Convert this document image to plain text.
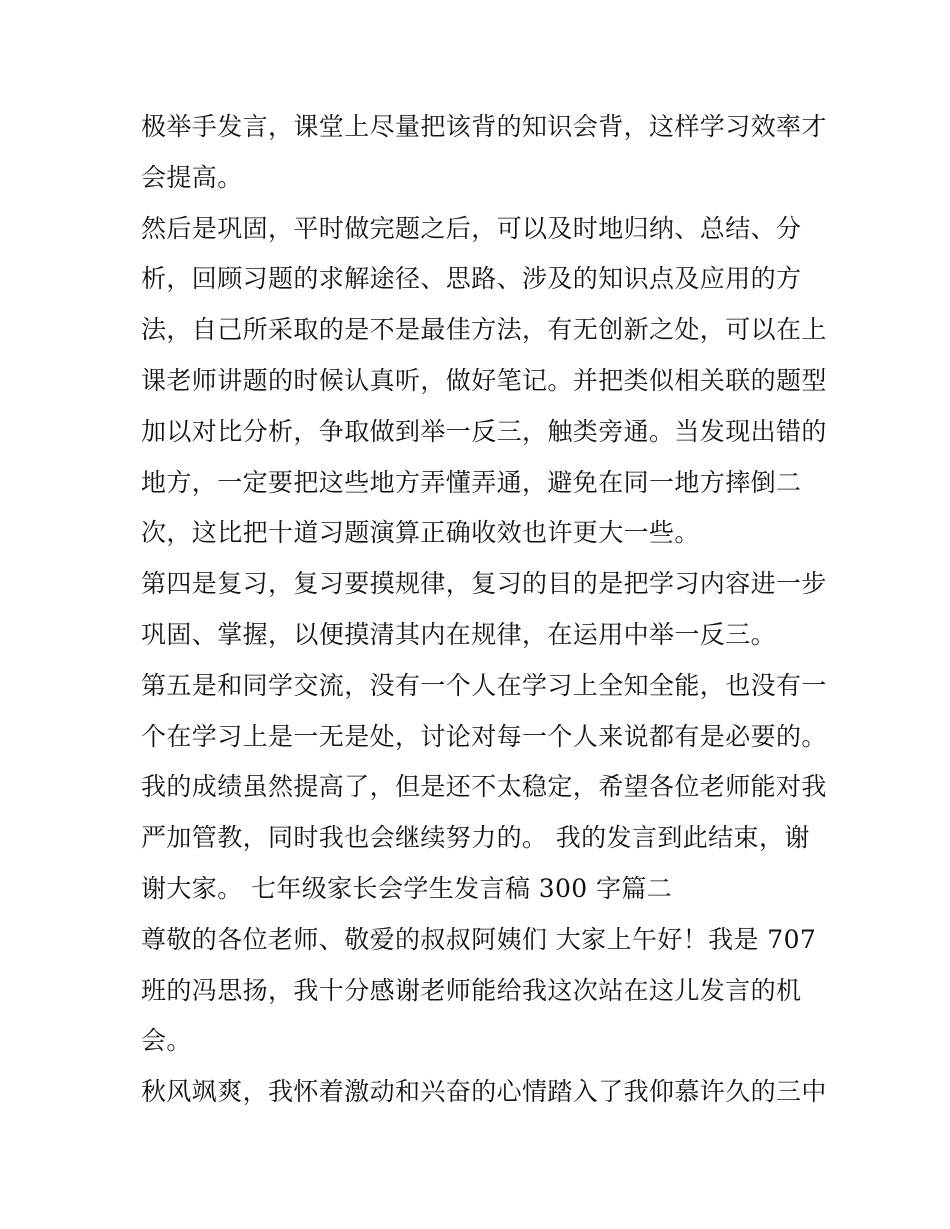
极举手发言，课堂上尽量把该背的知识会背，这样学习效率才
会提高。
然后是巩固，平时做完题之后，可以及时地归纳、总结、分
析，回顾习题的求解途径、思路、涉及的知识点及应用的方
法，自己所采取的是不是最佳方法，有无创新之处，可以在上
课老师讲题的时候认真听，做好笔记。并把类似相关联的题型
加以对比分析，争取做到举一反三，触类旁通。当发现出错的
地方，一定要把这些地方弄懂弄通，避免在同一地方摔倒二
次，这比把十道习题演算正确收效也许更大一些。
第四是复习，复习要摸规律，复习的目的是把学习内容进一步
巩固、掌握，以便摸清其内在规律，在运用中举一反三。
第五是和同学交流，没有一个人在学习上全知全能，也没有一
个在学习上是一无是处，讨论对每一个人来说都有是必要的。
我的成绩虽然提高了，但是还不太稳定，希望各位老师能对我
严加管教，同时我也会继续努力的。 我的发言到此结束，谢
谢大家。 七年级家长会学生发言稿 300 字篇二
尊敬的各位老师、敬爱的叔叔阿姨们 大家上午好！我是 707
班的冯思扬，我十分感谢老师能给我这次站在这儿发言的机
会。
秋风飒爽，我怀着激动和兴奋的心情踏入了我仰慕许久的三中
